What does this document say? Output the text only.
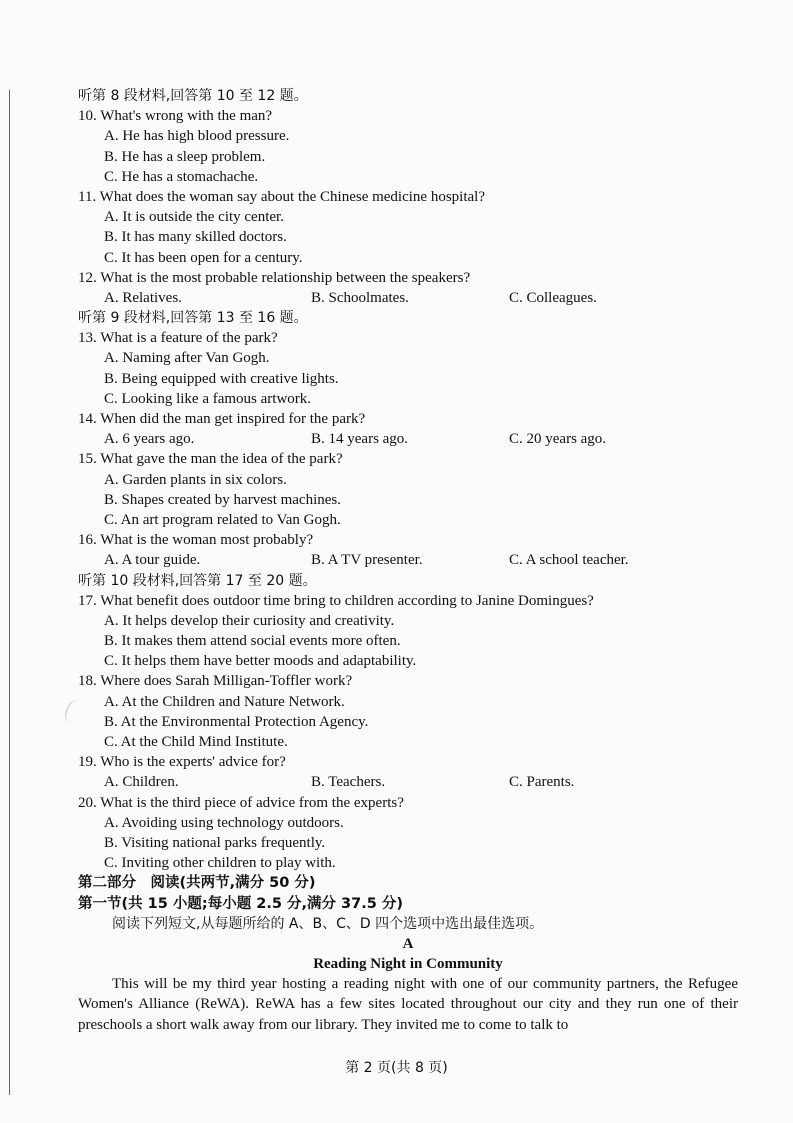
听第 8 段材料,回答第 10 至 12 题。
10. What's wrong with the man?
A. He has high blood pressure.
B. He has a sleep problem.
C. He has a stomachache.
11. What does the woman say about the Chinese medicine hospital?
A. It is outside the city center.
B. It has many skilled doctors.
C. It has been open for a century.
12. What is the most probable relationship between the speakers?
A. Relatives.	B. Schoolmates.	C. Colleagues.
听第 9 段材料,回答第 13 至 16 题。
13. What is a feature of the park?
A. Naming after Van Gogh.
B. Being equipped with creative lights.
C. Looking like a famous artwork.
14. When did the man get inspired for the park?
A. 6 years ago.	B. 14 years ago.	C. 20 years ago.
15. What gave the man the idea of the park?
A. Garden plants in six colors.
B. Shapes created by harvest machines.
C. An art program related to Van Gogh.
16. What is the woman most probably?
A. A tour guide.	B. A TV presenter.	C. A school teacher.
听第 10 段材料,回答第 17 至 20 题。
17. What benefit does outdoor time bring to children according to Janine Domingues?
A. It helps develop their curiosity and creativity.
B. It makes them attend social events more often.
C. It helps them have better moods and adaptability.
18. Where does Sarah Milligan-Toffler work?
A. At the Children and Nature Network.
B. At the Environmental Protection Agency.
C. At the Child Mind Institute.
19. Who is the experts' advice for?
A. Children.	B. Teachers.	C. Parents.
20. What is the third piece of advice from the experts?
A. Avoiding using technology outdoors.
B. Visiting national parks frequently.
C. Inviting other children to play with.
第二部分　阅读(共两节,满分 50 分)
第一节(共 15 小题;每小题 2.5 分,满分 37.5 分)
阅读下列短文,从每题所给的 A、B、C、D 四个选项中选出最佳选项。
A
Reading Night in Community

This will be my third year hosting a reading night with one of our community partners, the Refugee Women's Alliance (ReWA). ReWA has a few sites located throughout our city and they run one of their preschools a short walk away from our library. They invited me to come to talk to

第 2 页(共 8 页)
